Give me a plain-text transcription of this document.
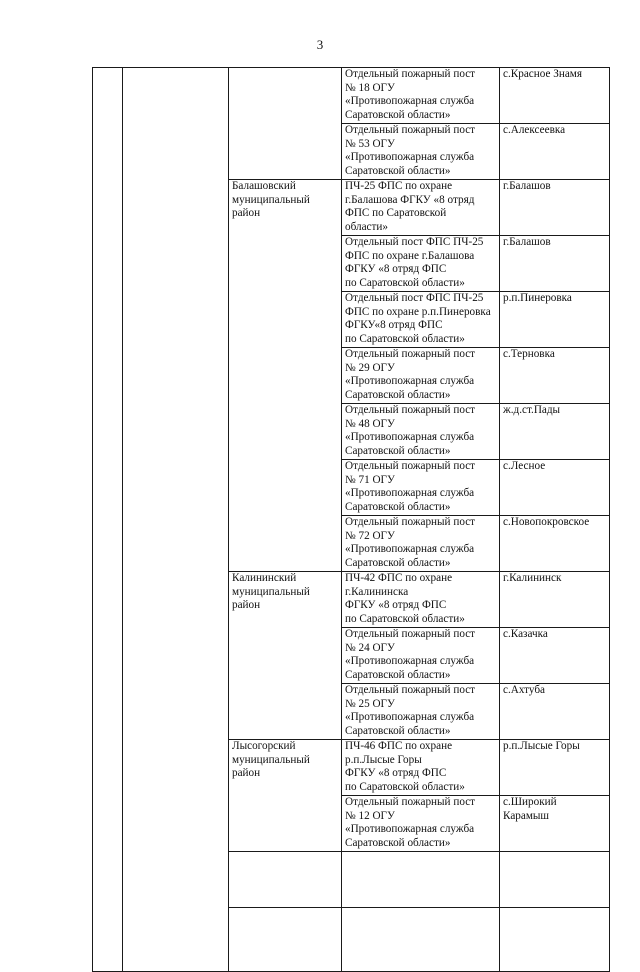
3
			Отдельный пожарный пост
№ 18 ОГУ
«Противопожарная служба
Саратовской области»	с.Красное Знамя
			Отдельный пожарный пост
№ 53 ОГУ
«Противопожарная служба
Саратовской области»	с.Алексеевка
		Балашовский
муниципальный
район	ПЧ-25 ФПС по охране
г.Балашова ФГКУ «8 отряд
ФПС по Саратовской
области»	г.Балашов
			Отдельный пост ФПС ПЧ-25
ФПС по охране г.Балашова
ФГКУ «8 отряд ФПС
по Саратовской области»	г.Балашов
			Отдельный пост ФПС ПЧ-25
ФПС по охране р.п.Пинеровка
ФГКУ«8 отряд ФПС
по Саратовской области»	р.п.Пинеровка
			Отдельный пожарный пост
№ 29 ОГУ
«Противопожарная служба
Саратовской области»	с.Терновка
			Отдельный пожарный пост
№ 48 ОГУ
«Противопожарная служба
Саратовской области»	ж.д.ст.Пады
			Отдельный пожарный пост
№ 71 ОГУ
«Противопожарная служба
Саратовской области»	с.Лесное
			Отдельный пожарный пост
№ 72 ОГУ
«Противопожарная служба
Саратовской области»	с.Новопокровское
		Калининский
муниципальный
район	ПЧ-42 ФПС по охране
г.Калининска
ФГКУ «8 отряд ФПС
по Саратовской области»	г.Калининск
			Отдельный пожарный пост
№ 24 ОГУ
«Противопожарная служба
Саратовской области»	с.Казачка
			Отдельный пожарный пост
№ 25 ОГУ
«Противопожарная служба
Саратовской области»	с.Ахтуба
		Лысогорский
муниципальный
район	ПЧ-46 ФПС по охране
р.п.Лысые Горы
ФГКУ «8 отряд ФПС
по Саратовской области»	р.п.Лысые Горы
			Отдельный пожарный пост
№ 12 ОГУ
«Противопожарная служба
Саратовской области»	с.Широкий
Карамыш
